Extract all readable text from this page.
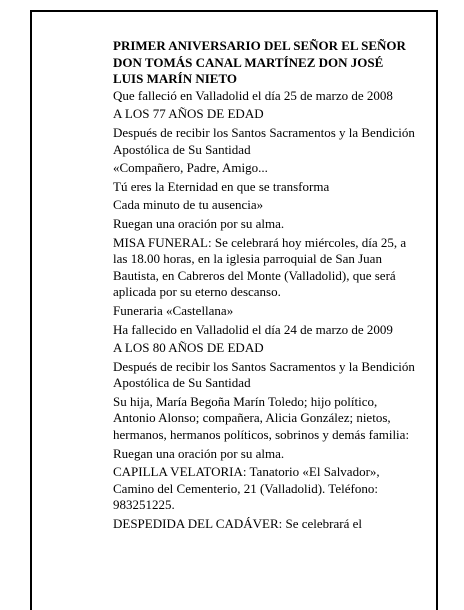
PRIMER ANIVERSARIO DEL SEÑOR EL SEÑOR
DON TOMÁS CANAL MARTÍNEZ DON JOSÉ LUIS MARÍN NIETO
Que falleció en Valladolid el día 25 de marzo de 2008
A LOS 77 AÑOS DE EDAD
Después de recibir los Santos Sacramentos y la Bendición Apostólica de Su Santidad
«Compañero, Padre, Amigo...
Tú eres la Eternidad en que se transforma
Cada minuto de tu ausencia»
Ruegan una oración por su alma.
MISA FUNERAL: Se celebrará hoy miércoles, día 25, a las 18.00 horas, en la iglesia parroquial de San Juan Bautista, en Cabreros del Monte (Valladolid), que será aplicada por su eterno descanso.
Funeraria «Castellana»
Ha fallecido en Valladolid el día 24 de marzo de 2009
A LOS 80 AÑOS DE EDAD
Después de recibir los Santos Sacramentos y la Bendición Apostólica de Su Santidad
Su hija, María Begoña Marín Toledo; hijo político, Antonio Alonso; compañera, Alicia González; nietos, hermanos, hermanos políticos, sobrinos y demás familia:
Ruegan una oración por su alma.
CAPILLA VELATORIA: Tanatorio «El Salvador», Camino del Cementerio, 21 (Valladolid). Teléfono: 983251225.
DESPEDIDA DEL CADÁVER: Se celebrará el
